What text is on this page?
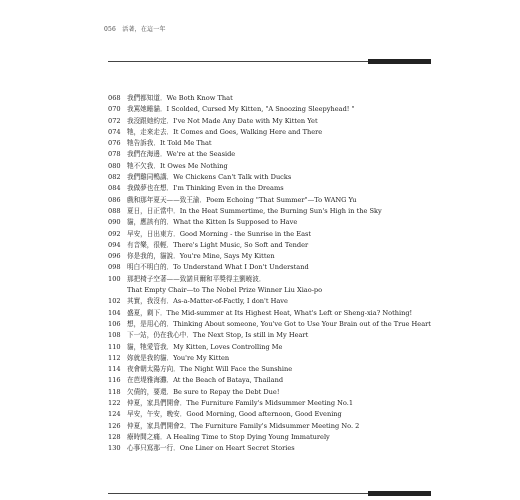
056　活著，在這一年
068 我們都知道．We Both Know That
070 我罵她睡貓．I Scolded, Cursed My Kitten, "A Snoozing Sleepyhead! "
072 我沒跟她約定．I've Not Made Any Date with My Kitten Yet
074 牠，走來走去．It Comes and Goes, Walking Here and There
076 牠告訴我．It Told Me That
078 我們在海邊．We're at the Seaside
080 牠不欠我．It Owes Me Nothing
082 我們雞同鴨講．We Chickens Can't Talk with Ducks
084 我做夢也在想．I'm Thinking Even in the Dreams
086 戲和那年夏天——致王渝．Poem Echoing "That Summer"—To WANG Yu
088 夏日，日正當中．In the Heat Summertime, the Burning Sun's High in the Sky
090 貓，應該有的．What the Kitten Is Supposed to Have
092 早安，日出東方．Good Morning - the Sunrise in the East
094 有音樂，很輕．There's Light Music, So Soft and Tender
096 你是我的，貓說．You're Mine, Says My Kitten
098 明白不明白的．To Understand What I Don't Understand
100 那把椅子空著——致諾貝爾和平獎得主劉曉波．
That Empty Chair—to The Nobel Prize Winner Liu Xiao-po
102 其實，我沒有．As-a-Matter-of-Factly, I don't Have
104 盛夏，剩下．The Mid-summer at Its Highest Heat, What's Left or Sheng-xia? Nothing!
106 想，是用心的．Thinking About someone, You've Got to Use Your Brain out of the True Heart
108 下一站，仍在我心中．The Next Stop, Is still in My Heart
110 貓，牠愛管我．My Kitten, Loves Controlling Me
112 妳就是我的貓．You're My Kitten
114 夜會朝太陽方向．The Night Will Face the Sunshine
116 在芭堤雅海灘．At the Beach of Bataya, Thailand
118 欠債的，要還．Be sure to Repay the Debt Due!
122 仲夏，家具們開會．The Furniture Family's Midsummer Meeting No.1
124 早安，午安，晚安．Good Morning, Good afternoon, Good Evening
126 仲夏，家具們開會2．The Furniture Family's Midsummer Meeting No. 2
128 療時間之痛．A Healing Time to Stop Dying Young Immaturely
130 心事只寫那一行．One Liner on Heart Secret Stories
